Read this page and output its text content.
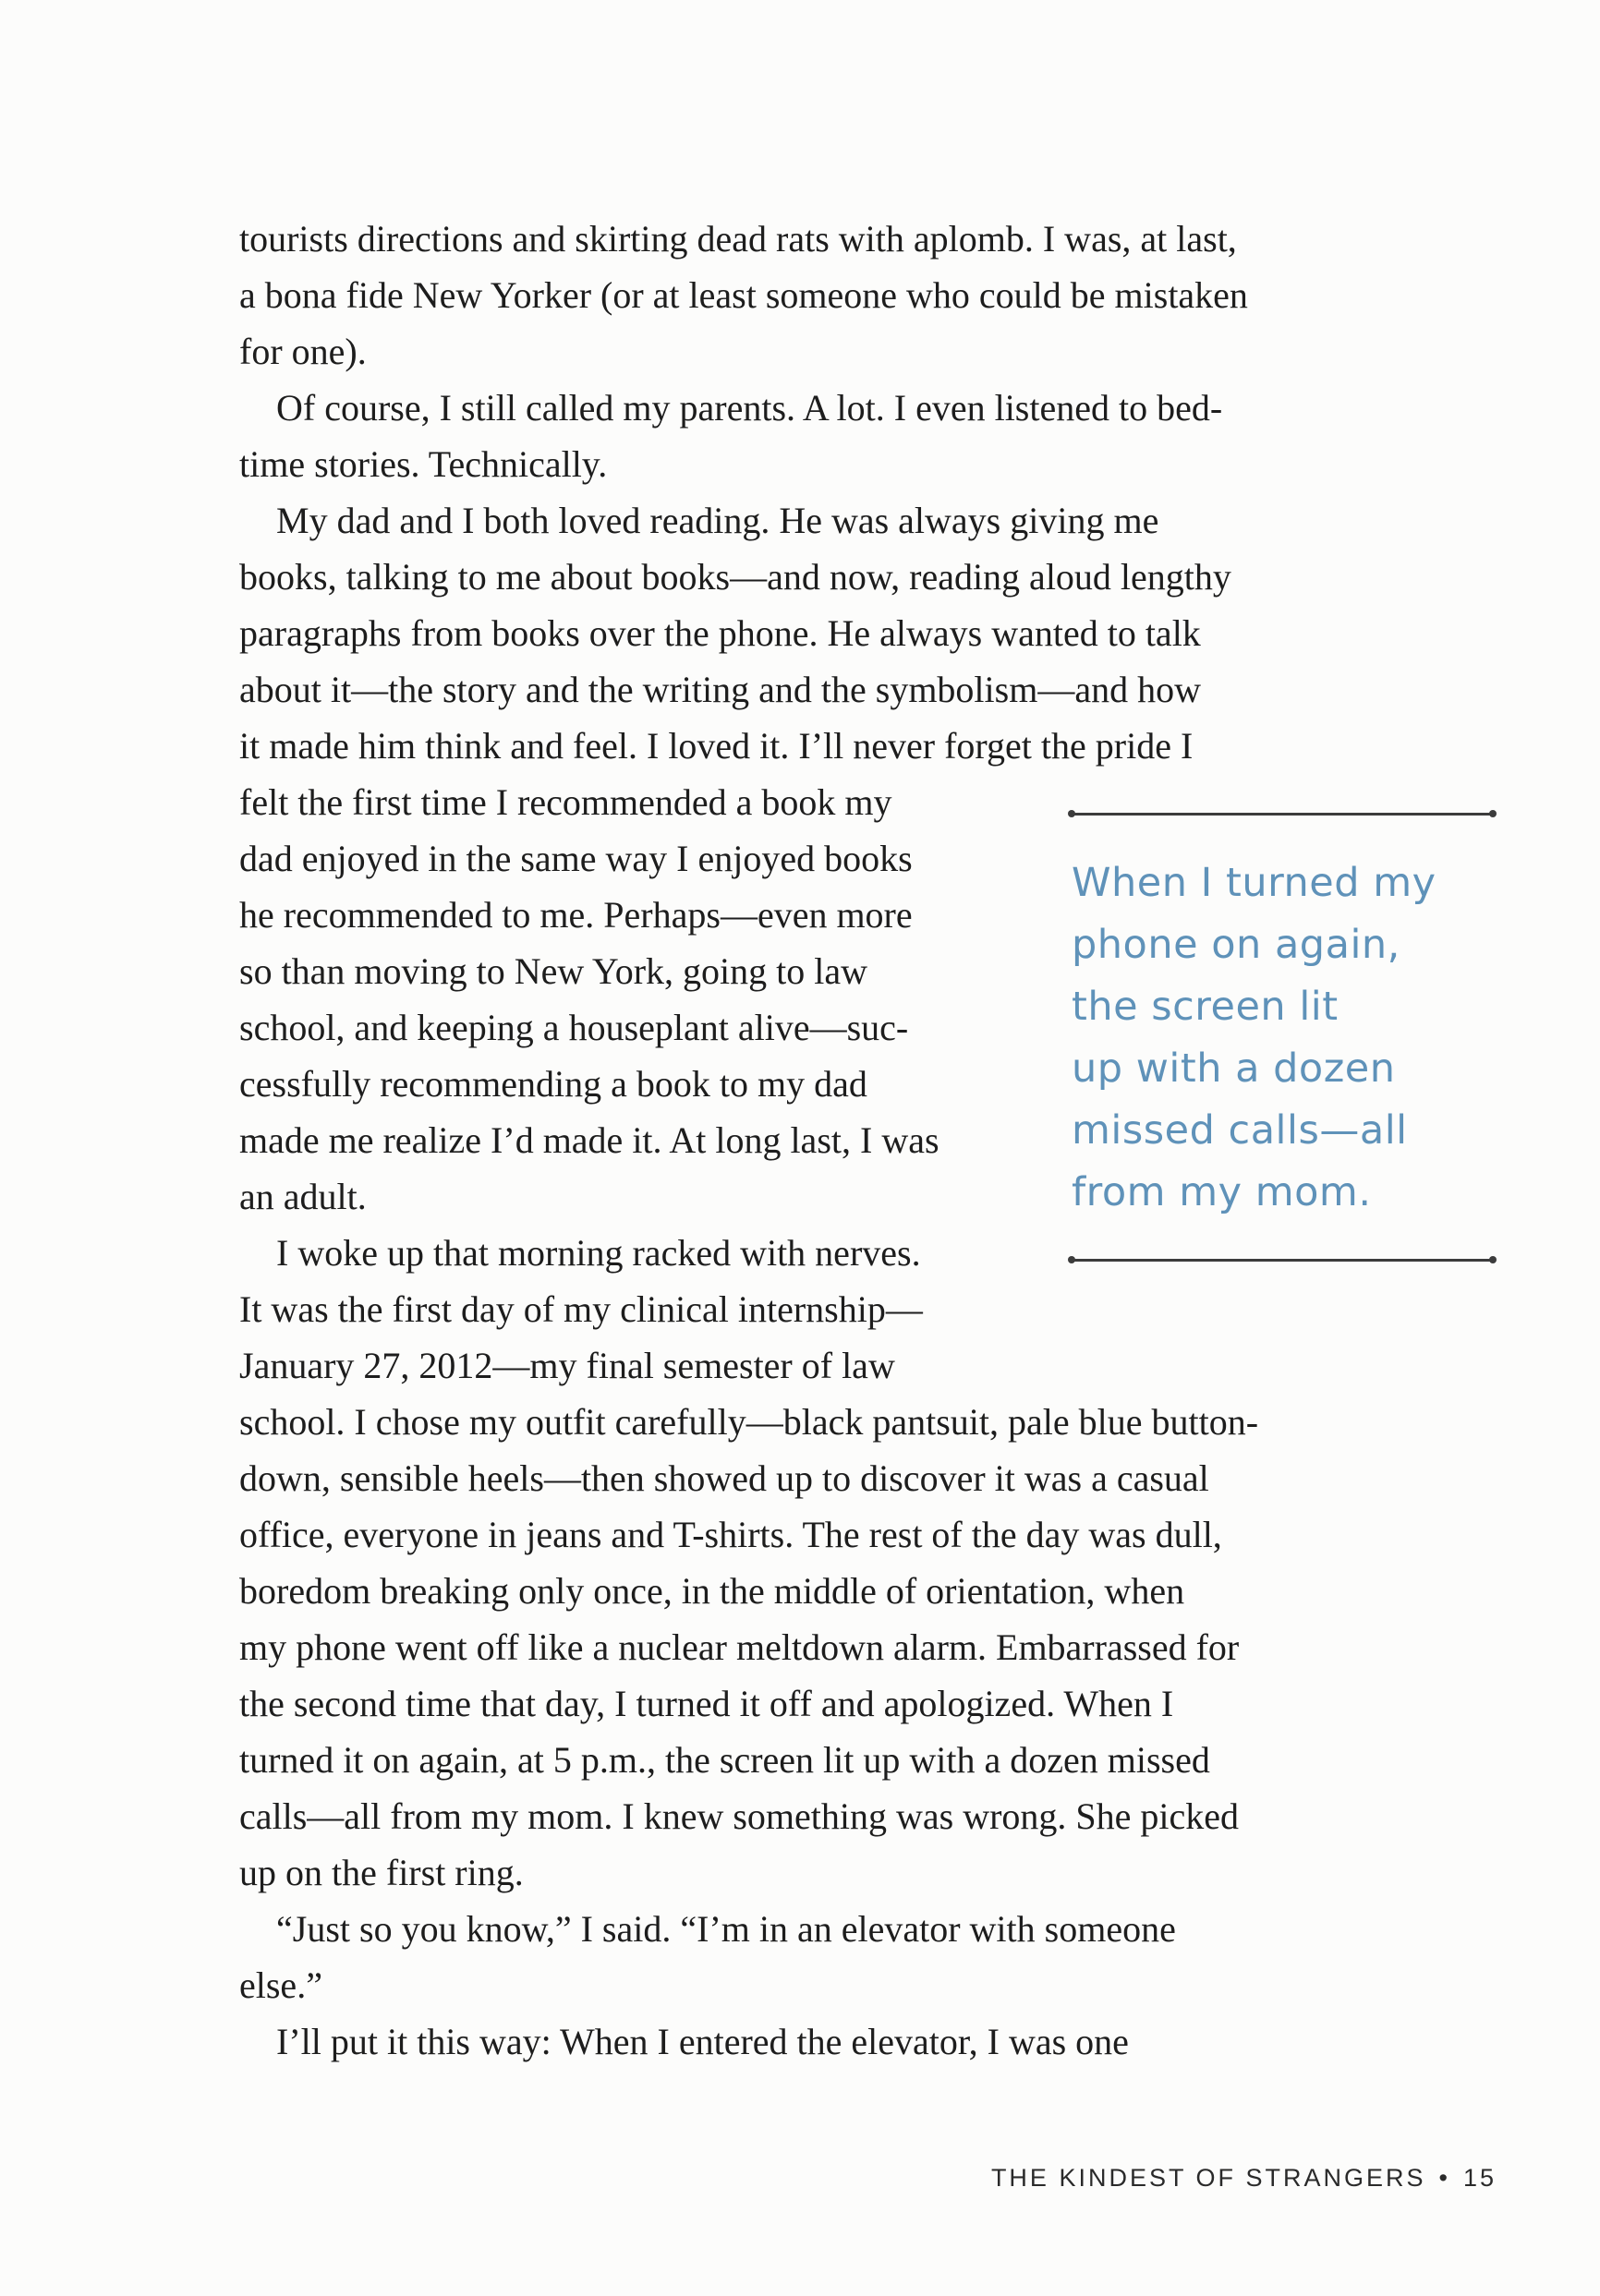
tourists directions and skirting dead rats with aplomb. I was, at last,
a bona fide New Yorker (or at least someone who could be mistaken
for one).
 Of course, I still called my parents. A lot. I even listened to bed-
time stories. Technically.
 My dad and I both loved reading. He was always giving me
books, talking to me about books—and now, reading aloud lengthy
paragraphs from books over the phone. He always wanted to talk
about it—the story and the writing and the symbolism—and how
it made him think and feel. I loved it. I’ll never forget the pride I
felt the first time I recommended a book my
dad enjoyed in the same way I enjoyed books
he recommended to me. Perhaps—even more
so than moving to New York, going to law
school, and keeping a houseplant alive—suc-
cessfully recommending a book to my dad
made me realize I’d made it. At long last, I was
an adult.
 I woke up that morning racked with nerves.
It was the first day of my clinical internship—
January 27, 2012—my final semester of law
school. I chose my outfit carefully—black pantsuit, pale blue button-
down, sensible heels—then showed up to discover it was a casual
office, everyone in jeans and T-shirts. The rest of the day was dull,
boredom breaking only once, in the middle of orientation, when
my phone went off like a nuclear meltdown alarm. Embarrassed for
the second time that day, I turned it off and apologized. When I
turned it on again, at 5 p.m., the screen lit up with a dozen missed
calls—all from my mom. I knew something was wrong. She picked
up on the first ring.
 “Just so you know,” I said. “I’m in an elevator with someone
else.”
 I’ll put it this way: When I entered the elevator, I was one
When I turned my
phone on again,
the screen lit
up with a dozen
missed calls—all
from my mom.
THE KINDEST OF STRANGERS • 15
